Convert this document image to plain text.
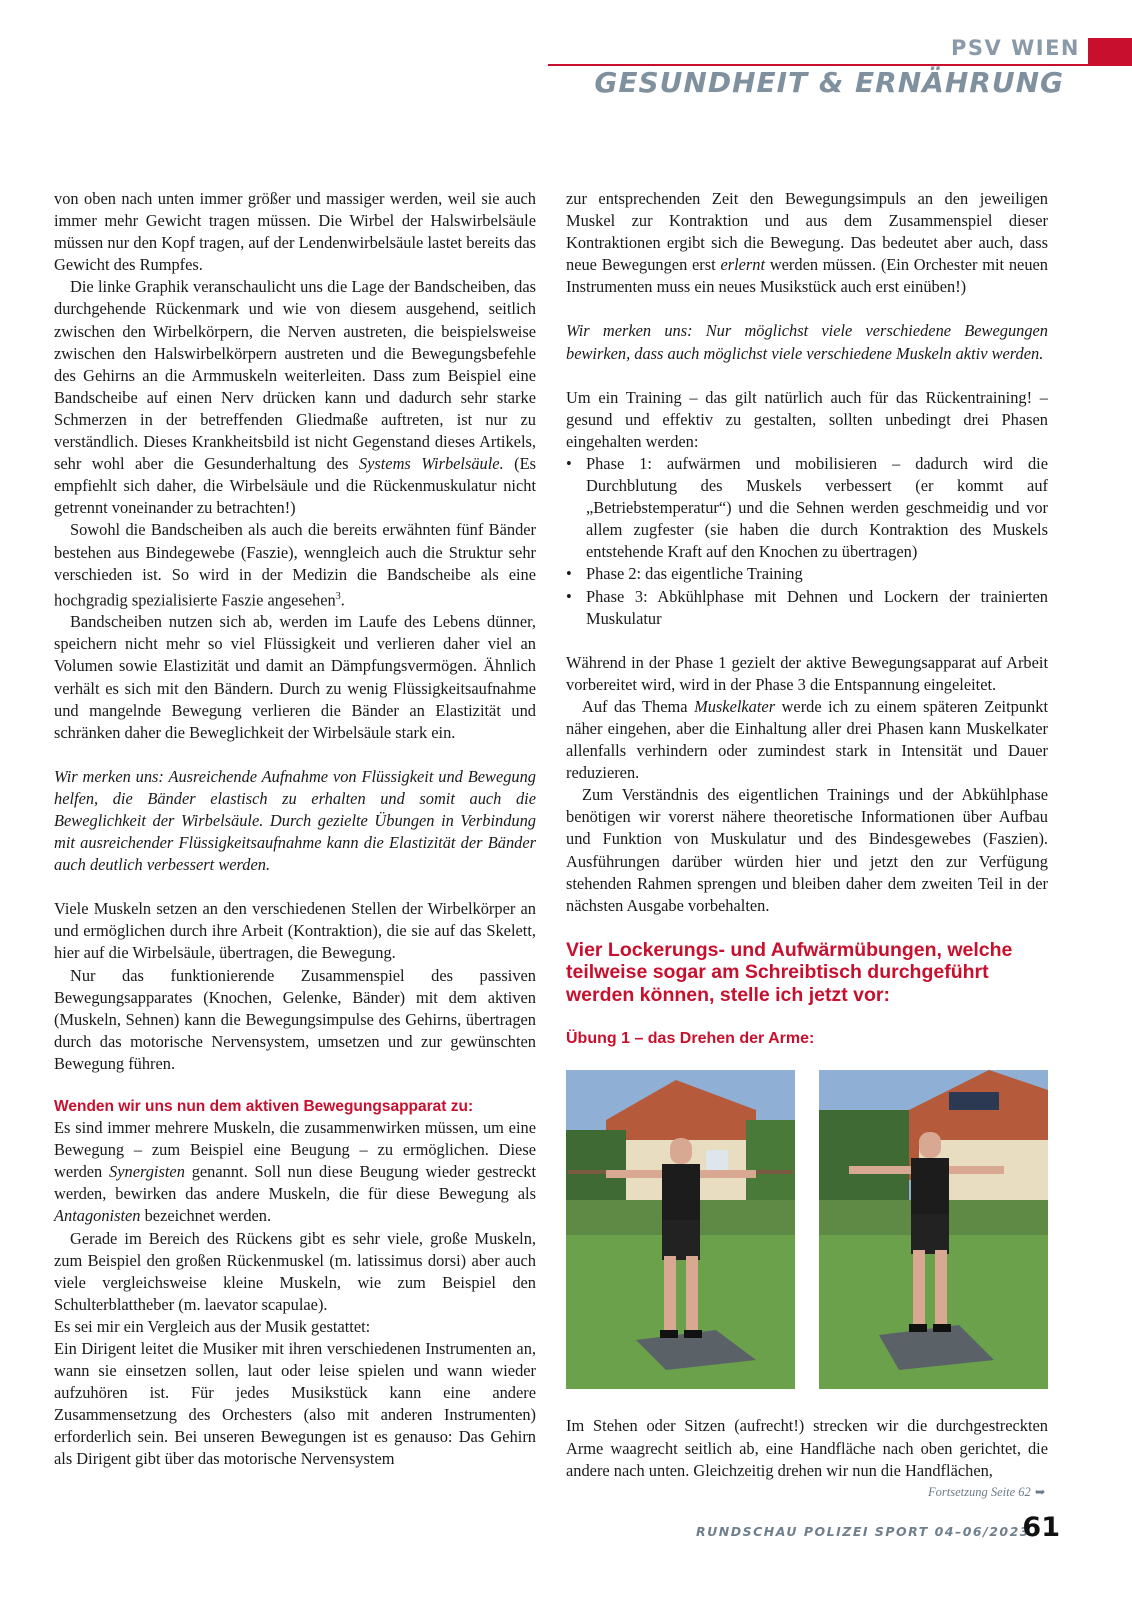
PSV WIEN
GESUNDHEIT & ERNÄHRUNG

von oben nach unten immer größer und massiger werden, weil sie auch immer mehr Gewicht tragen müssen. Die Wirbel der Halswirbelsäule müssen nur den Kopf tragen, auf der Lendenwirbelsäule lastet bereits das Gewicht des Rumpfes.

Die linke Graphik veranschaulicht uns die Lage der Bandscheiben, das durchgehende Rückenmark und wie von diesem ausgehend, seitlich zwischen den Wirbelkörpern, die Nerven austreten, die beispielsweise zwischen den Halswirbelkörpern austreten und die Bewegungsbefehle des Gehirns an die Armmuskeln weiterleiten. Dass zum Beispiel eine Bandscheibe auf einen Nerv drücken kann und dadurch sehr starke Schmerzen in der betreffenden Gliedmaße auftreten, ist nur zu verständlich. Dieses Krankheitsbild ist nicht Gegenstand dieses Artikels, sehr wohl aber die Gesunderhaltung des Systems Wirbelsäule. (Es empfiehlt sich daher, die Wirbelsäule und die Rückenmuskulatur nicht getrennt voneinander zu betrachten!)

Sowohl die Bandscheiben als auch die bereits erwähnten fünf Bänder bestehen aus Bindegewebe (Faszie), wenngleich auch die Struktur sehr verschieden ist. So wird in der Medizin die Bandscheibe als eine hochgradig spezialisierte Faszie angesehen$^3$.

Bandscheiben nutzen sich ab, werden im Laufe des Lebens dünner, speichern nicht mehr so viel Flüssigkeit und verlieren daher viel an Volumen sowie Elastizität und damit an Dämpfungsvermögen. Ähnlich verhält es sich mit den Bändern. Durch zu wenig Flüssigkeitsaufnahme und mangelnde Bewegung verlieren die Bänder an Elastizität und schränken daher die Beweglichkeit der Wirbelsäule stark ein.

Wir merken uns: Ausreichende Aufnahme von Flüssigkeit und Bewegung helfen, die Bänder elastisch zu erhalten und somit auch die Beweglichkeit der Wirbelsäule. Durch gezielte Übungen in Verbindung mit ausreichender Flüssigkeitsaufnahme kann die Elastizität der Bänder auch deutlich verbessert werden.

Viele Muskeln setzen an den verschiedenen Stellen der Wirbelkörper an und ermöglichen durch ihre Arbeit (Kontraktion), die sie auf das Skelett, hier auf die Wirbelsäule, übertragen, die Bewegung.

Nur das funktionierende Zusammenspiel des passiven Bewegungsapparates (Knochen, Gelenke, Bänder) mit dem aktiven (Muskeln, Sehnen) kann die Bewegungsimpulse des Gehirns, übertragen durch das motorische Nervensystem, umsetzen und zur gewünschten Bewegung führen.

Wenden wir uns nun dem aktiven Bewegungsapparat zu:

Es sind immer mehrere Muskeln, die zusammenwirken müssen, um eine Bewegung – zum Beispiel eine Beugung – zu ermöglichen. Diese werden Synergisten genannt. Soll nun diese Beugung wieder gestreckt werden, bewirken das andere Muskeln, die für diese Bewegung als Antagonisten bezeichnet werden.

Gerade im Bereich des Rückens gibt es sehr viele, große Muskeln, zum Beispiel den großen Rückenmuskel (m. latissimus dorsi) aber auch viele vergleichsweise kleine Muskeln, wie zum Beispiel den Schulterblattheber (m. laevator scapulae).

Es sei mir ein Vergleich aus der Musik gestattet:

Ein Dirigent leitet die Musiker mit ihren verschiedenen Instrumenten an, wann sie einsetzen sollen, laut oder leise spielen und wann wieder aufzuhören ist. Für jedes Musikstück kann eine andere Zusammensetzung des Orchesters (also mit anderen Instrumenten) erforderlich sein. Bei unseren Bewegungen ist es genauso: Das Gehirn als Dirigent gibt über das motorische Nervensystem

zur entsprechenden Zeit den Bewegungsimpuls an den jeweiligen Muskel zur Kontraktion und aus dem Zusammenspiel dieser Kontraktionen ergibt sich die Bewegung. Das bedeutet aber auch, dass neue Bewegungen erst erlernt werden müssen. (Ein Orchester mit neuen Instrumenten muss ein neues Musikstück auch erst einüben!)

Wir merken uns: Nur möglichst viele verschiedene Bewegungen bewirken, dass auch möglichst viele verschiedene Muskeln aktiv werden.

Um ein Training – das gilt natürlich auch für das Rückentraining! – gesund und effektiv zu gestalten, sollten unbedingt drei Phasen eingehalten werden:

• Phase 1: aufwärmen und mobilisieren – dadurch wird die Durchblutung des Muskels verbessert (er kommt auf „Betriebstemperatur“) und die Sehnen werden geschmeidig und vor allem zugfester (sie haben die durch Kontraktion des Muskels entstehende Kraft auf den Knochen zu übertragen)
• Phase 2: das eigentliche Training
• Phase 3: Abkühlphase mit Dehnen und Lockern der trainierten Muskulatur

Während in der Phase 1 gezielt der aktive Bewegungsapparat auf Arbeit vorbereitet wird, wird in der Phase 3 die Entspannung eingeleitet.

Auf das Thema Muskelkater werde ich zu einem späteren Zeitpunkt näher eingehen, aber die Einhaltung aller drei Phasen kann Muskelkater allenfalls verhindern oder zumindest stark in Intensität und Dauer reduzieren.

Zum Verständnis des eigentlichen Trainings und der Abkühlphase benötigen wir vorerst nähere theoretische Informationen über Aufbau und Funktion von Muskulatur und des Bindesgewebes (Faszien). Ausführungen darüber würden hier und jetzt den zur Verfügung stehenden Rahmen sprengen und bleiben daher dem zweiten Teil in der nächsten Ausgabe vorbehalten.

Vier Lockerungs- und Aufwärmübungen, welche teilweise sogar am Schreibtisch durchgeführt werden können, stelle ich jetzt vor:
Übung 1 – das Drehen der Arme:

Im Stehen oder Sitzen (aufrecht!) strecken wir die durchgestreckten Arme waagrecht seitlich ab, eine Handfläche nach oben gerichtet, die andere nach unten. Gleichzeitig drehen wir nun die Handflächen,

Fortsetzung Seite 62 ➥
RUNDSCHAU POLIZEI SPORT 04–06/2023
61
